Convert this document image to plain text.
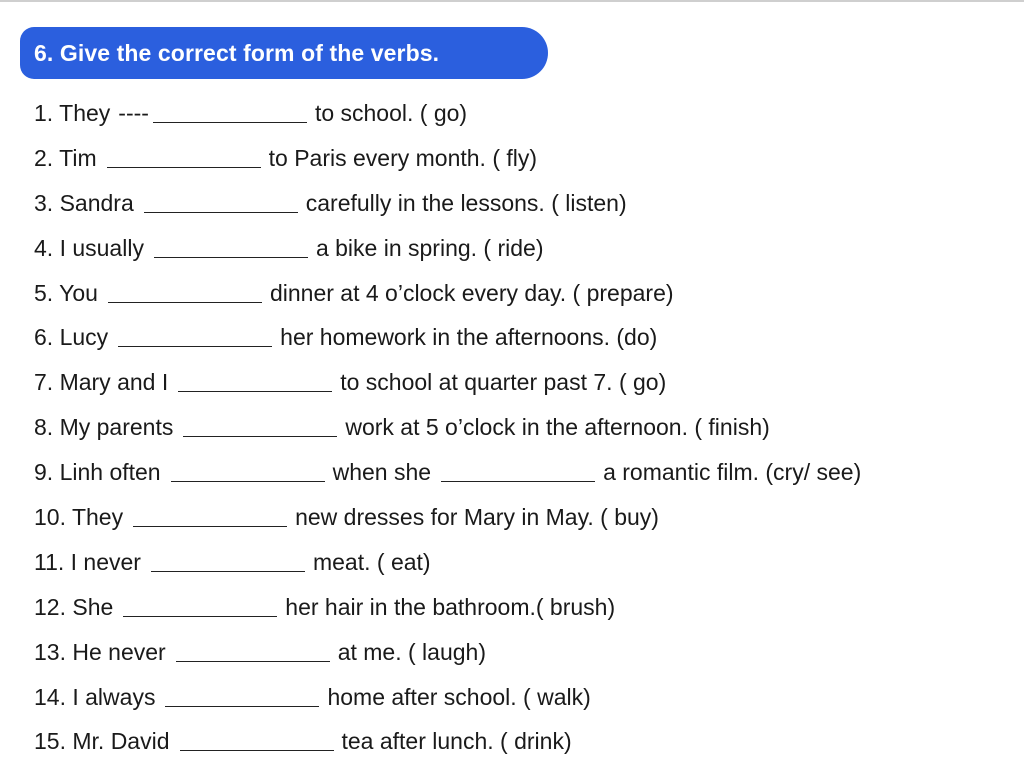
6. Give the correct form of the verbs.
1. They ----	to school. ( go)
2. Tim	to Paris every month. ( fly)
3. Sandra	carefully in the lessons. ( listen)
4. I usually	a bike in spring. ( ride)
5. You	dinner at 4 o’clock every day. ( prepare)
6. Lucy	her homework in the afternoons. (do)
7. Mary and I	to school at quarter past 7. ( go)
8. My parents	work at 5 o’clock in the afternoon. ( finish)
9. Linh often	when she	a romantic film. (cry/ see)
10. They	new dresses for Mary in May. ( buy)
11. I never	meat. ( eat)
12. She	her hair in the bathroom.( brush)
13. He never	at me. ( laugh)
14. I always	home after school. ( walk)
15. Mr. David	tea after lunch. ( drink)
